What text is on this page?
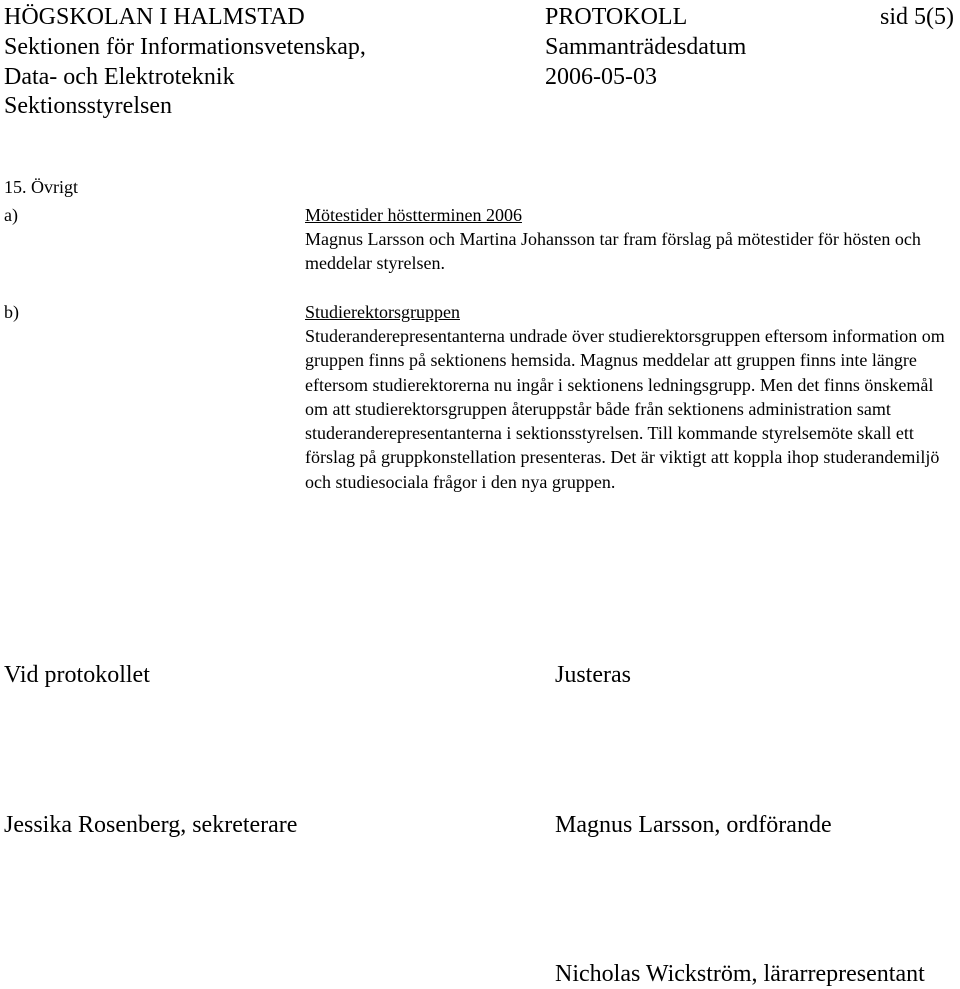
HÖGSKOLAN I HALMSTAD
Sektionen för Informationsvetenskap,
Data- och Elektroteknik
Sektionsstyrelsen
PROTOKOLL
Sammanträdesdatum
2006-05-03
sid 5(5)
15. Övrigt
a)	Mötestider höstterminen 2006
Magnus Larsson och Martina Johansson tar fram förslag på mötestider för hösten och meddelar styrelsen.
b)	Studierektorsgruppen
Studeranderepresentanterna undrade över studierektorsgruppen eftersom information om gruppen finns på sektionens hemsida. Magnus meddelar att gruppen finns inte längre eftersom studierektorerna nu ingår i sektionens ledningsgrupp. Men det finns önskemål om att studierektorsgruppen återuppstår både från sektionens administration samt studeranderepresentanterna i sektionsstyrelsen. Till kommande styrelsemöte skall ett förslag på gruppkonstellation presenteras. Det är viktigt att koppla ihop studerandemiljö och studiesociala frågor i den nya gruppen.
Vid protokollet	Justeras
Jessika Rosenberg, sekreterare	Magnus Larsson, ordförande
Nicholas Wickström, lärarrepresentant
